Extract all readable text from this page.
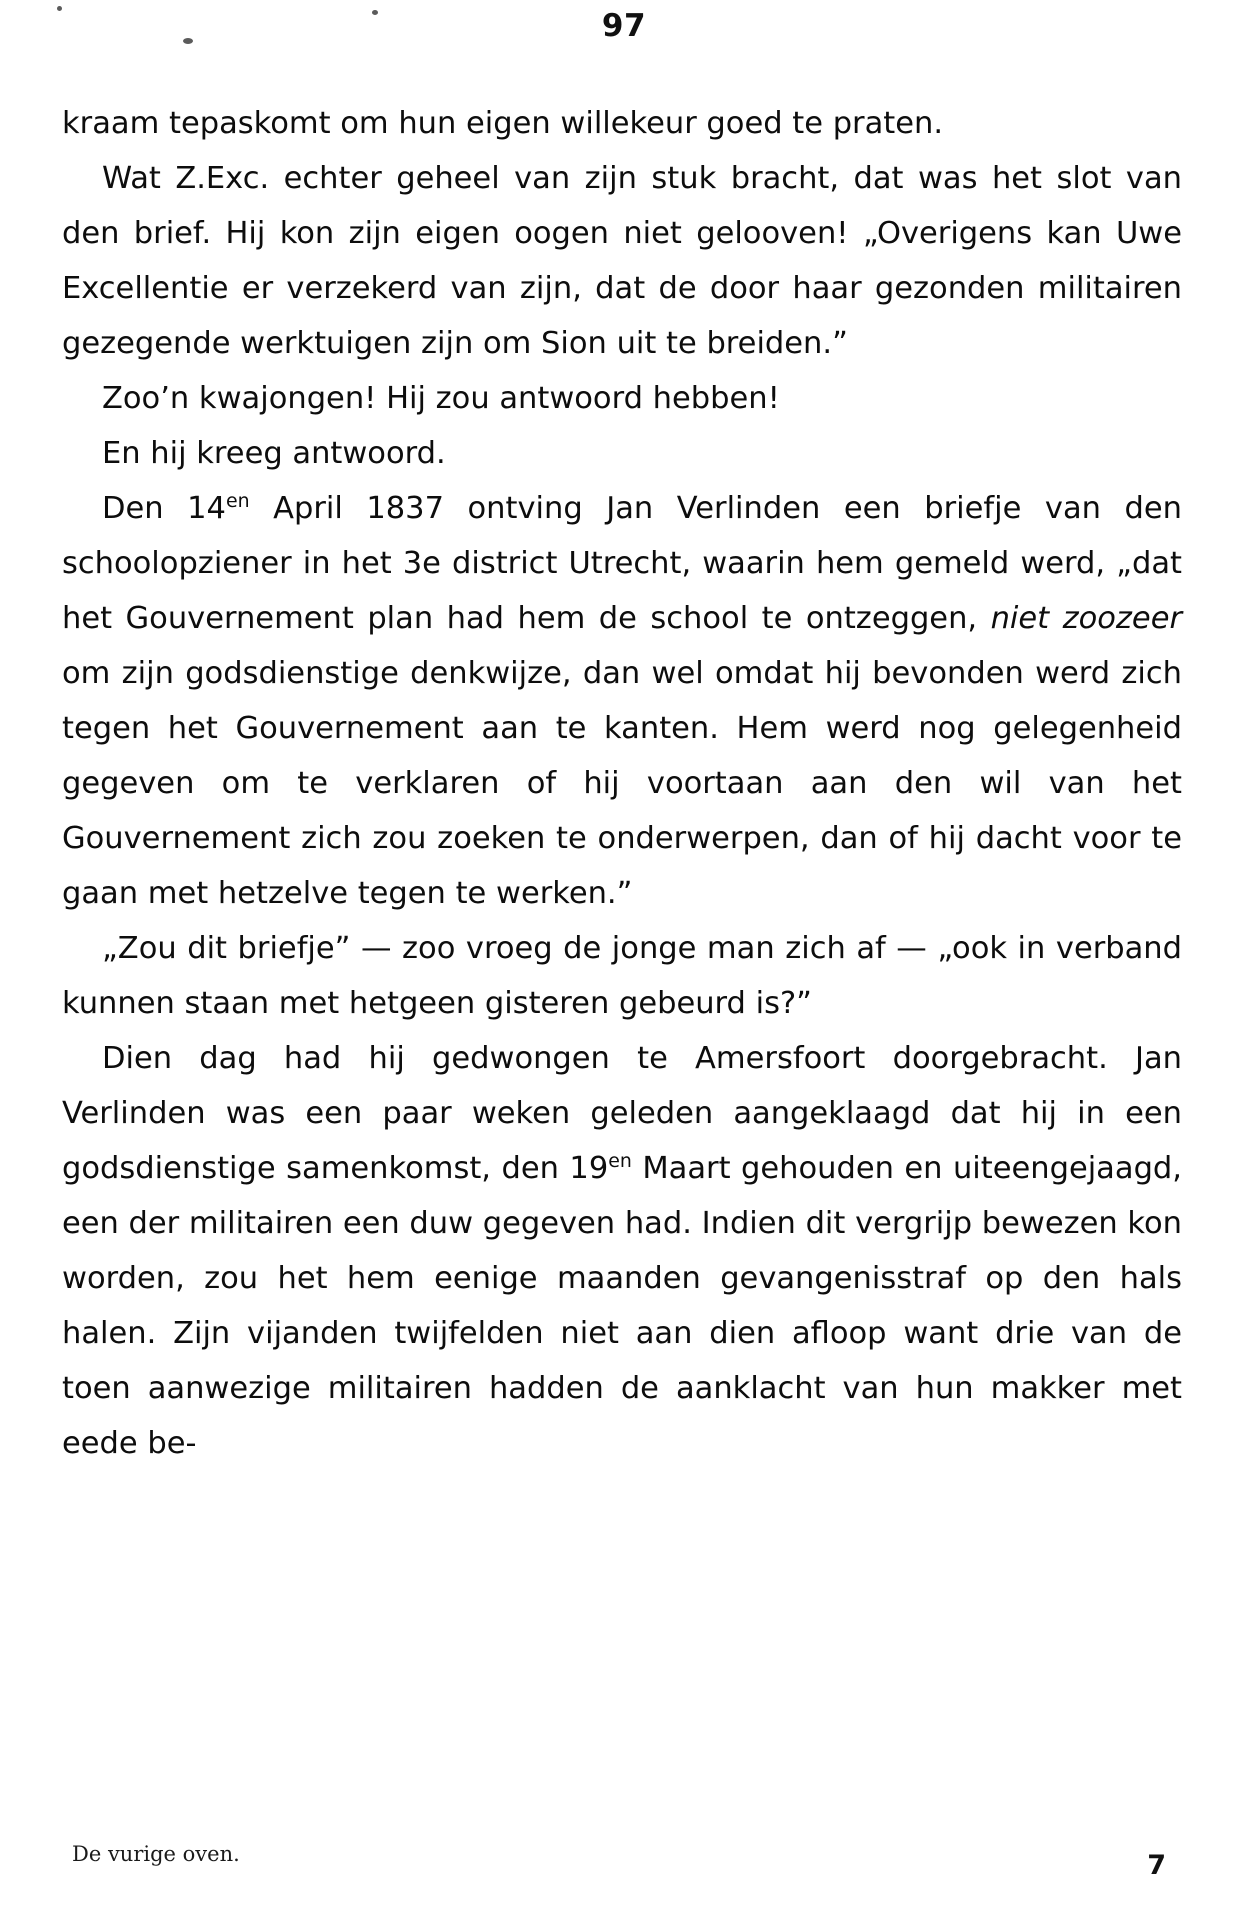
97

kraam tepaskomt om hun eigen willekeur goed te praten.

Wat Z.Exc. echter geheel van zijn stuk bracht, dat was het slot van den brief. Hij kon zijn eigen oogen niet gelooven! „Overigens kan Uwe Excellentie er verzekerd van zijn, dat de door haar gezonden militairen gezegende werktuigen zijn om Sion uit te breiden.”

Zoo’n kwajongen! Hij zou antwoord hebben!

En hij kreeg antwoord.

Den $14^{en}$ April 1837 ontving Jan Verlinden een briefje van den schoolopziener in het 3e district Utrecht, waarin hem gemeld werd, „dat het Gouvernement plan had hem de school te ontzeggen, niet zoozeer om zijn godsdienstige denkwijze, dan wel omdat hij bevonden werd zich tegen het Gouvernement aan te kanten. Hem werd nog gelegenheid gegeven om te verklaren of hij voortaan aan den wil van het Gouvernement zich zou zoeken te onderwerpen, dan of hij dacht voor te gaan met hetzelve tegen te werken.”

„Zou dit briefje” — zoo vroeg de jonge man zich af — „ook in verband kunnen staan met hetgeen gisteren gebeurd is?”

Dien dag had hij gedwongen te Amersfoort doorgebracht. Jan Verlinden was een paar weken geleden aangeklaagd dat hij in een godsdienstige samenkomst, den $19^{en}$ Maart gehouden en uiteengejaagd, een der militairen een duw gegeven had. Indien dit vergrijp bewezen kon worden, zou het hem eenige maanden gevangenisstraf op den hals halen. Zijn vijanden twijfelden niet aan dien afloop want drie van de toen aanwezige militairen hadden de aanklacht van hun makker met eede be-

De vurige oven.	7
